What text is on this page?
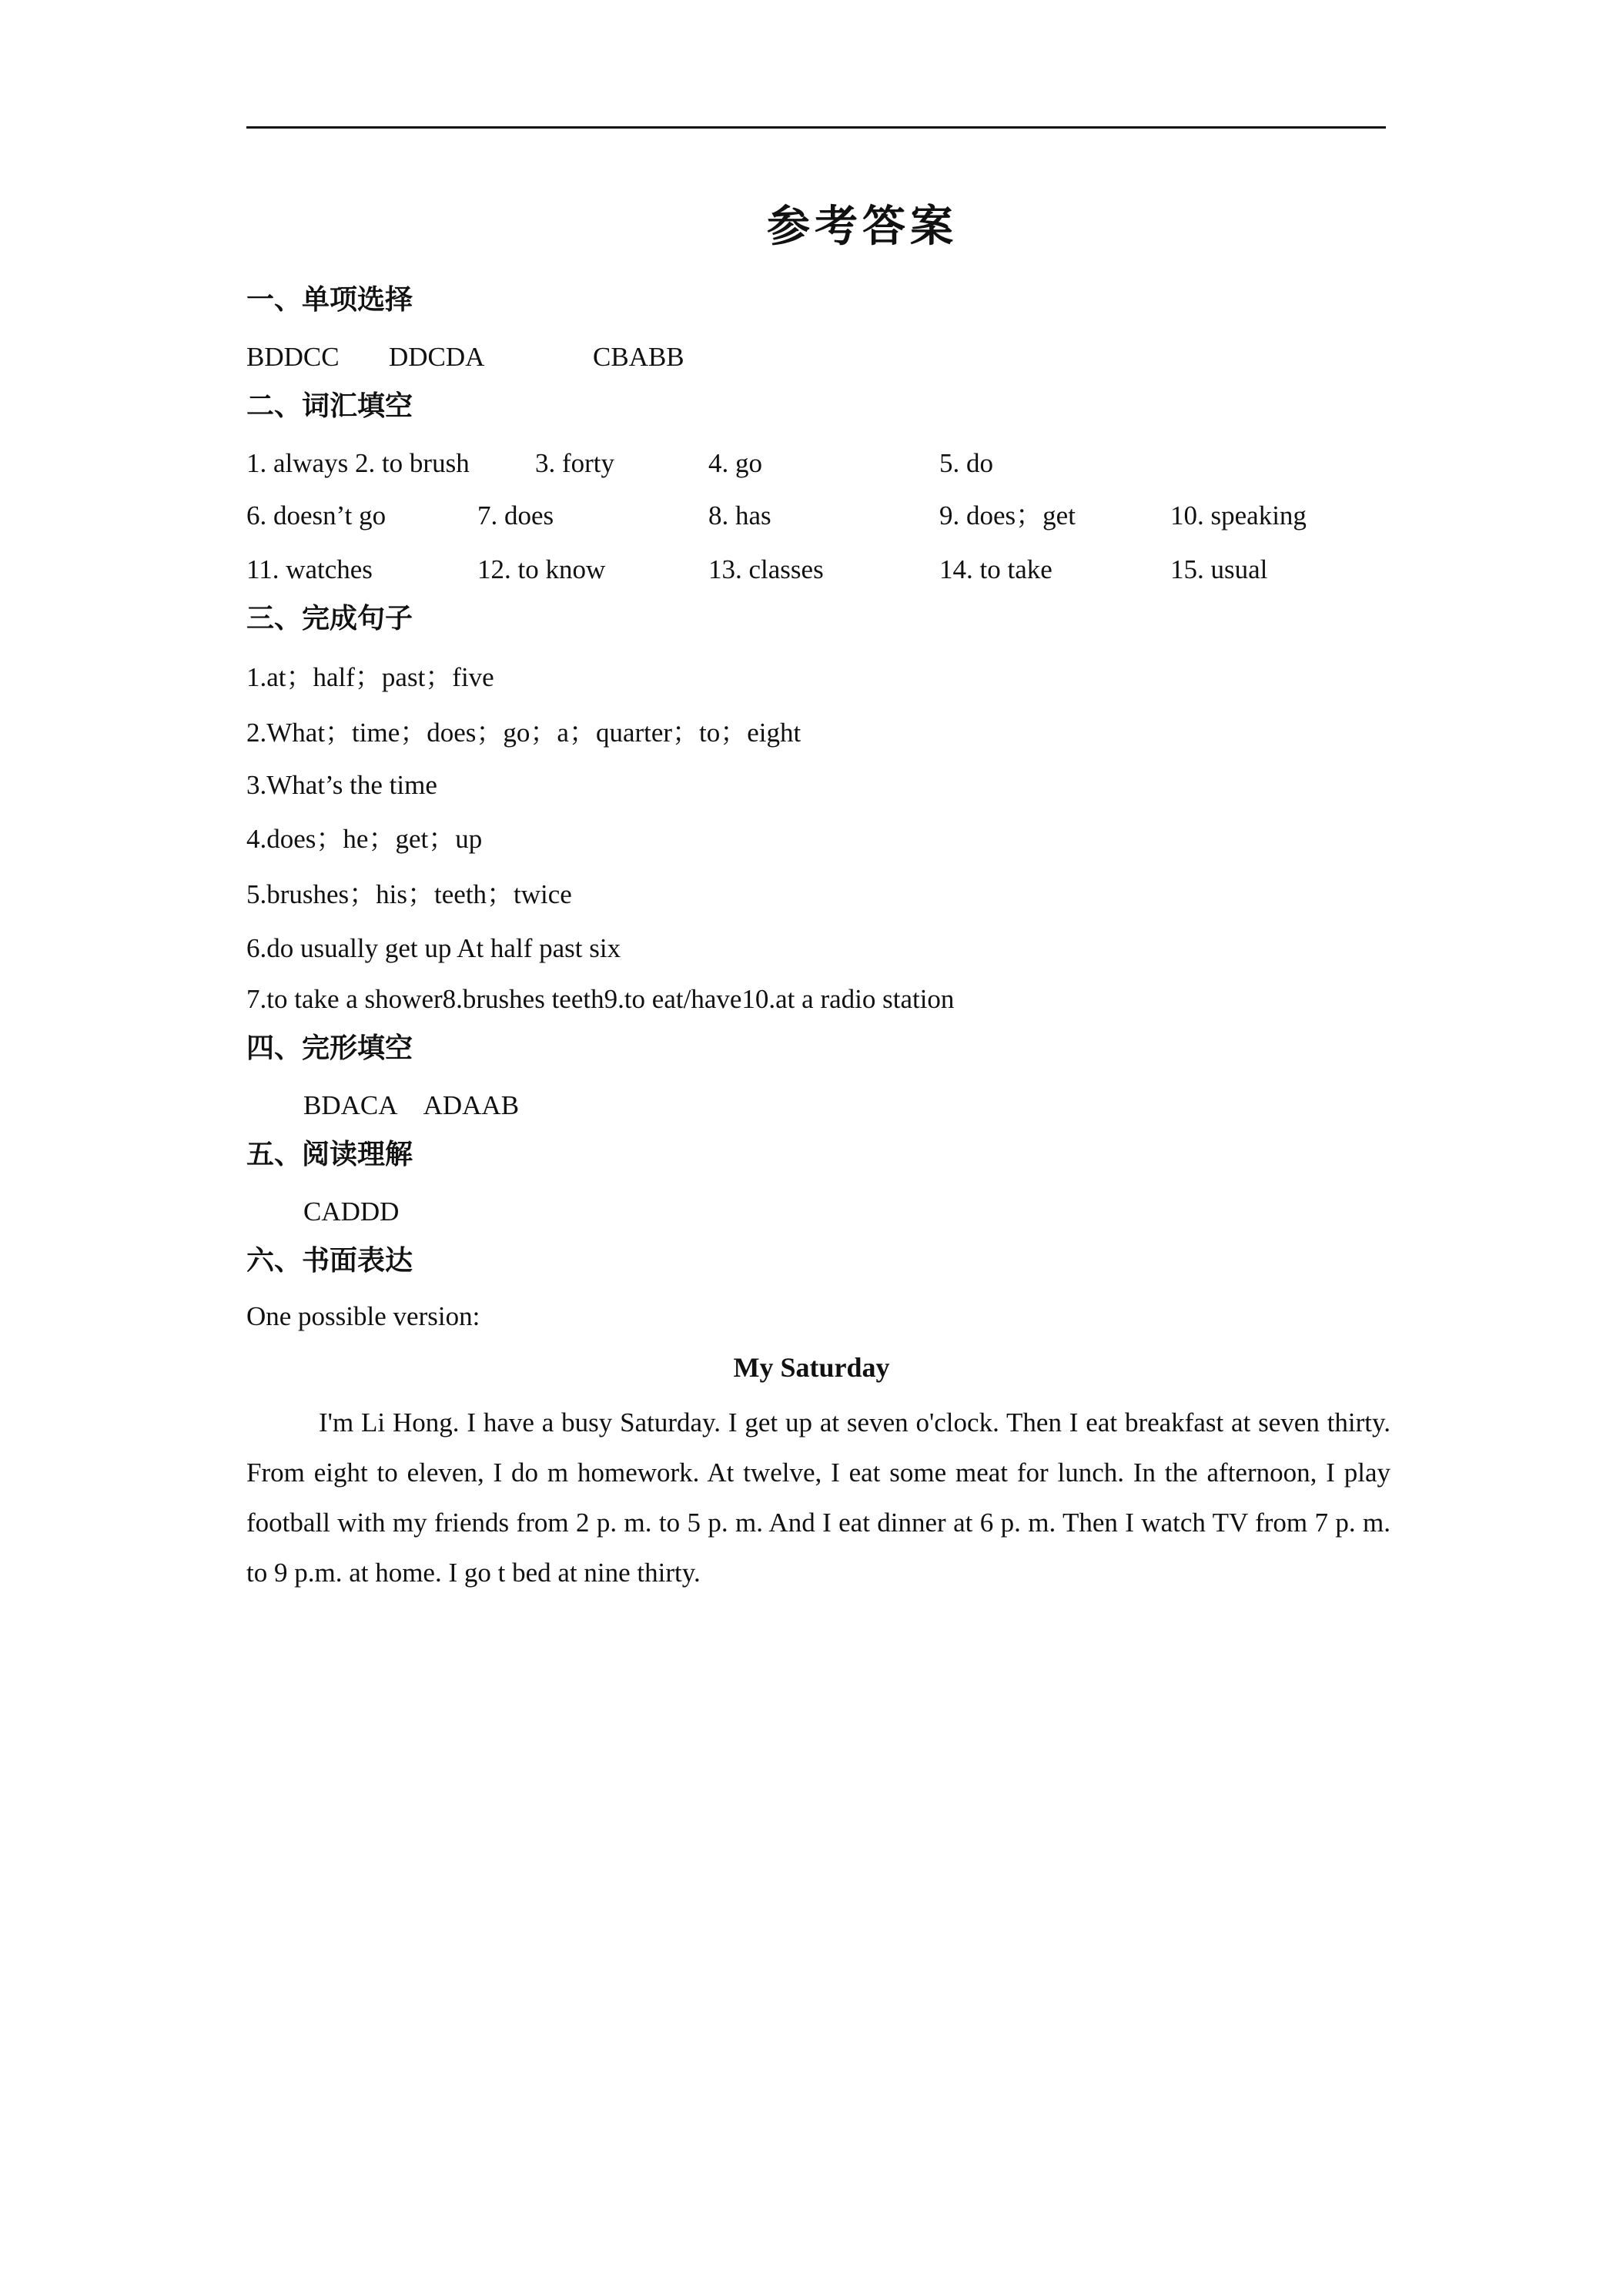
参考答案
一、单项选择
BDDCC DDCDA	CBABB
二、词汇填空
1. always 2. to brush 3. forty	4. go	5. do
6. doesn’t go	7. does	8. has	9. does；get	10. speaking
11. watches	12. to know	13. classes	14. to take	15. usual
三、完成句子
1.at；half；past；five
2.What；time；does；go；a；quarter；to；eight
3.What’s the time
4.does；he；get；up
5.brushes；his；teeth；twice
6.do usually get up At half past six
7.to take a shower8.brushes teeth9.to eat/have10.at a radio station
四、完形填空
BDACA　ADAAB
五、阅读理解
CADDD
六、书面表达
One possible version:
My Saturday
I'm Li Hong. I have a busy Saturday. I get up at seven o'clock. Then I eat breakfast at seven thirty. From eight to eleven, I do m homework. At twelve, I eat some meat for lunch. In the afternoon, I play football with my friends from 2 p. m. to 5 p. m. And I eat dinner at 6 p. m. Then I watch TV from 7 p. m. to 9 p.m. at home. I go t bed at nine thirty.
